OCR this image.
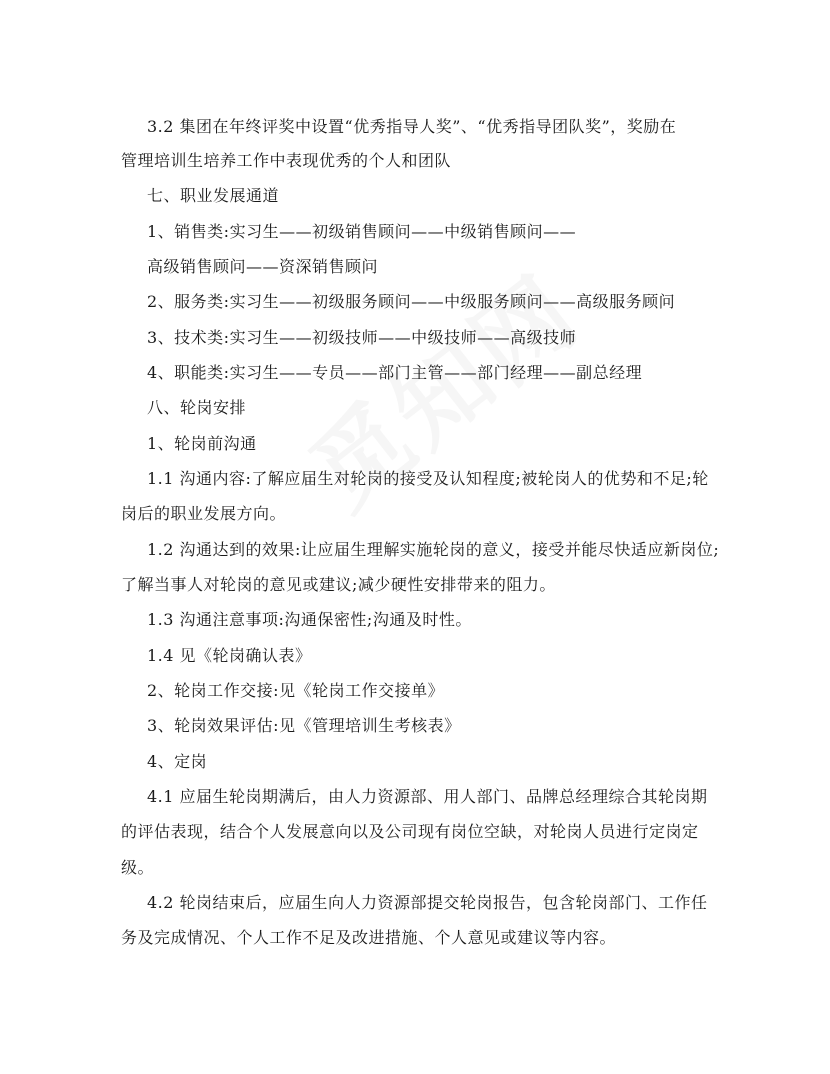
3.2 集团在年终评奖中设置“优秀指导人奖”、“优秀指导团队奖”，奖励在
管理培训生培养工作中表现优秀的个人和团队
七、职业发展通道
1、销售类:实习生——初级销售顾问——中级销售顾问——
高级销售顾问——资深销售顾问
2、服务类:实习生——初级服务顾问——中级服务顾问——高级服务顾问
3、技术类:实习生——初级技师——中级技师——高级技师
4、职能类:实习生——专员——部门主管——部门经理——副总经理
八、轮岗安排
1、轮岗前沟通
1.1 沟通内容:了解应届生对轮岗的接受及认知程度;被轮岗人的优势和不足;轮
岗后的职业发展方向。
1.2 沟通达到的效果:让应届生理解实施轮岗的意义，接受并能尽快适应新岗位;
了解当事人对轮岗的意见或建议;减少硬性安排带来的阻力。
1.3 沟通注意事项:沟通保密性;沟通及时性。
1.4 见《轮岗确认表》
2、轮岗工作交接:见《轮岗工作交接单》
3、轮岗效果评估:见《管理培训生考核表》
4、定岗
4.1 应届生轮岗期满后，由人力资源部、用人部门、品牌总经理综合其轮岗期
的评估表现，结合个人发展意向以及公司现有岗位空缺，对轮岗人员进行定岗定
级。
4.2 轮岗结束后，应届生向人力资源部提交轮岗报告，包含轮岗部门、工作任
务及完成情况、个人工作不足及改进措施、个人意见或建议等内容。
